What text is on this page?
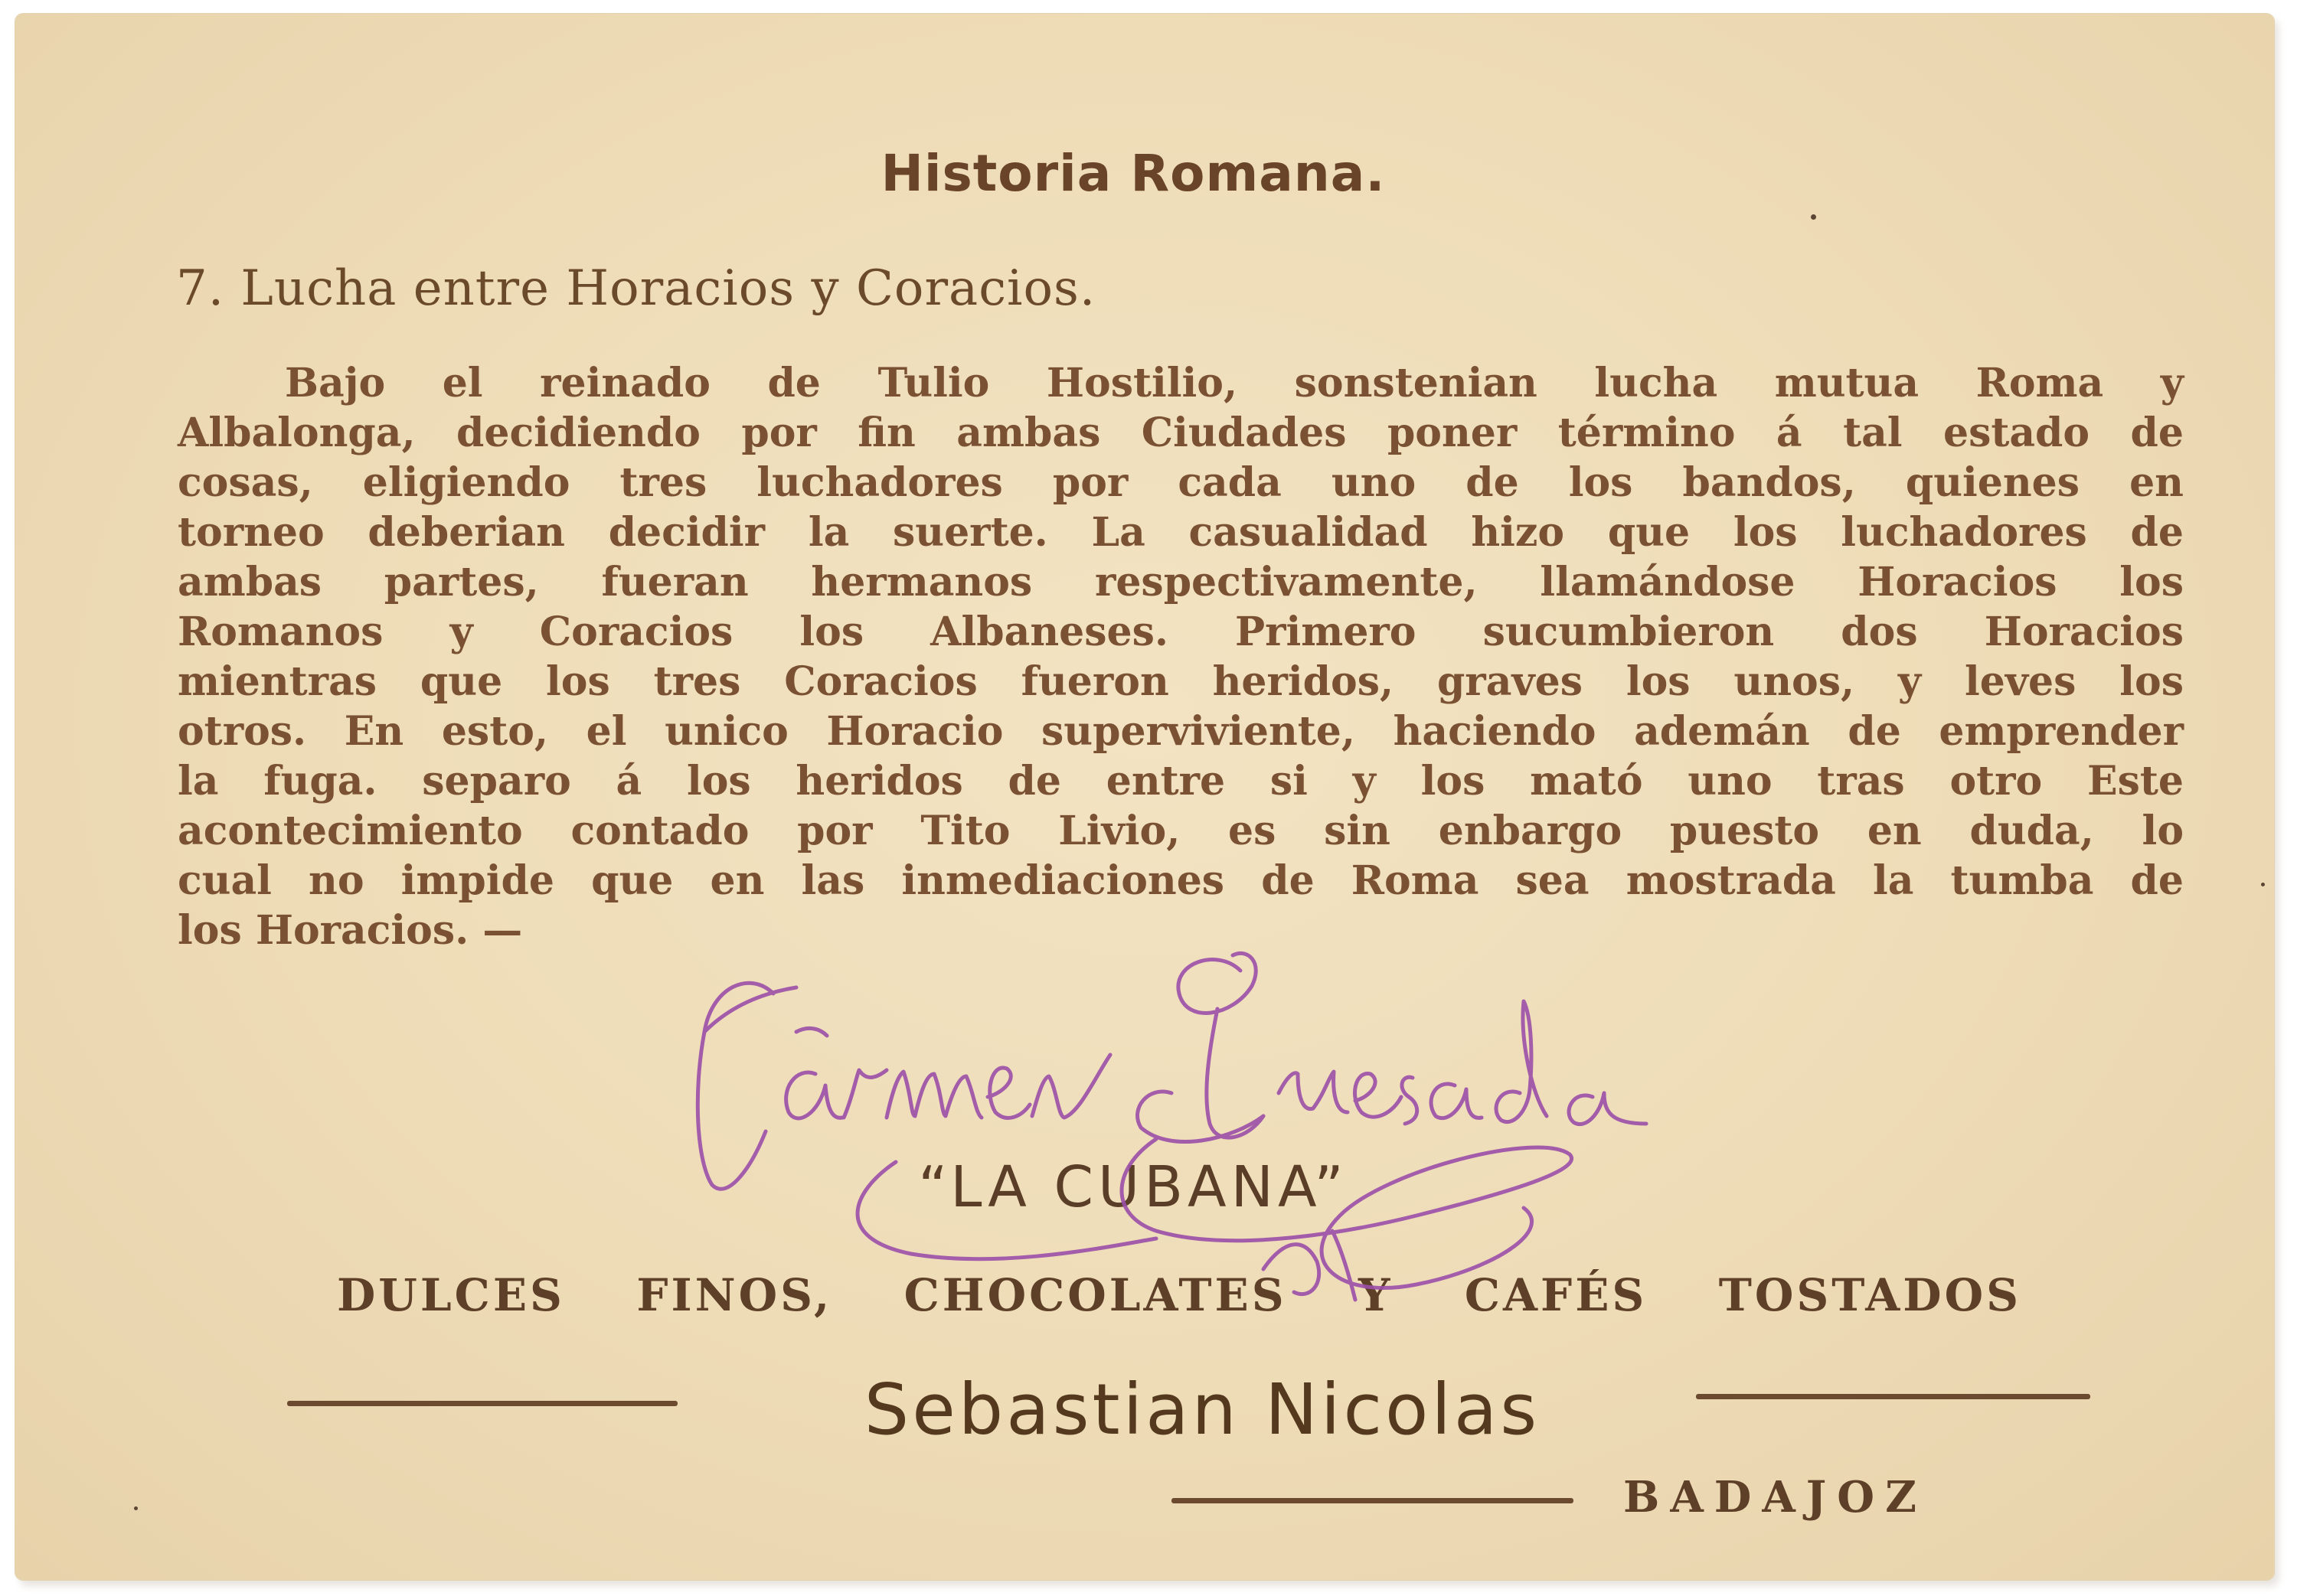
Historia Romana.
7. Lucha entre Horacios y Coracios.
Bajo el reinado de Tulio Hostilio, sonstenian lucha mutua Roma y
Albalonga, decidiendo por fin ambas Ciudades poner término á tal estado de
cosas, eligiendo tres luchadores por cada uno de los bandos, quienes en
torneo deberian decidir la suerte. La casualidad hizo que los luchadores de
ambas partes, fueran hermanos respectivamente, llamándose Horacios los
Romanos y Coracios los Albaneses. Primero sucumbieron dos Horacios
mientras que los tres Coracios fueron heridos, graves los unos, y leves los
otros. En esto, el unico Horacio superviviente, haciendo ademán de emprender
la fuga. separo á los heridos de entre si y los mató uno tras otro Este
acontecimiento contado por Tito Livio, es sin enbargo puesto en duda, lo
cual no impide que en las inmediaciones de Roma sea mostrada la tumba de
los Horacios. —
“LA CUBANA”
DULCES FINOS, CHOCOLATES Y CAFÉS TOSTADOS
Sebastian Nicolas
BADAJOZ
